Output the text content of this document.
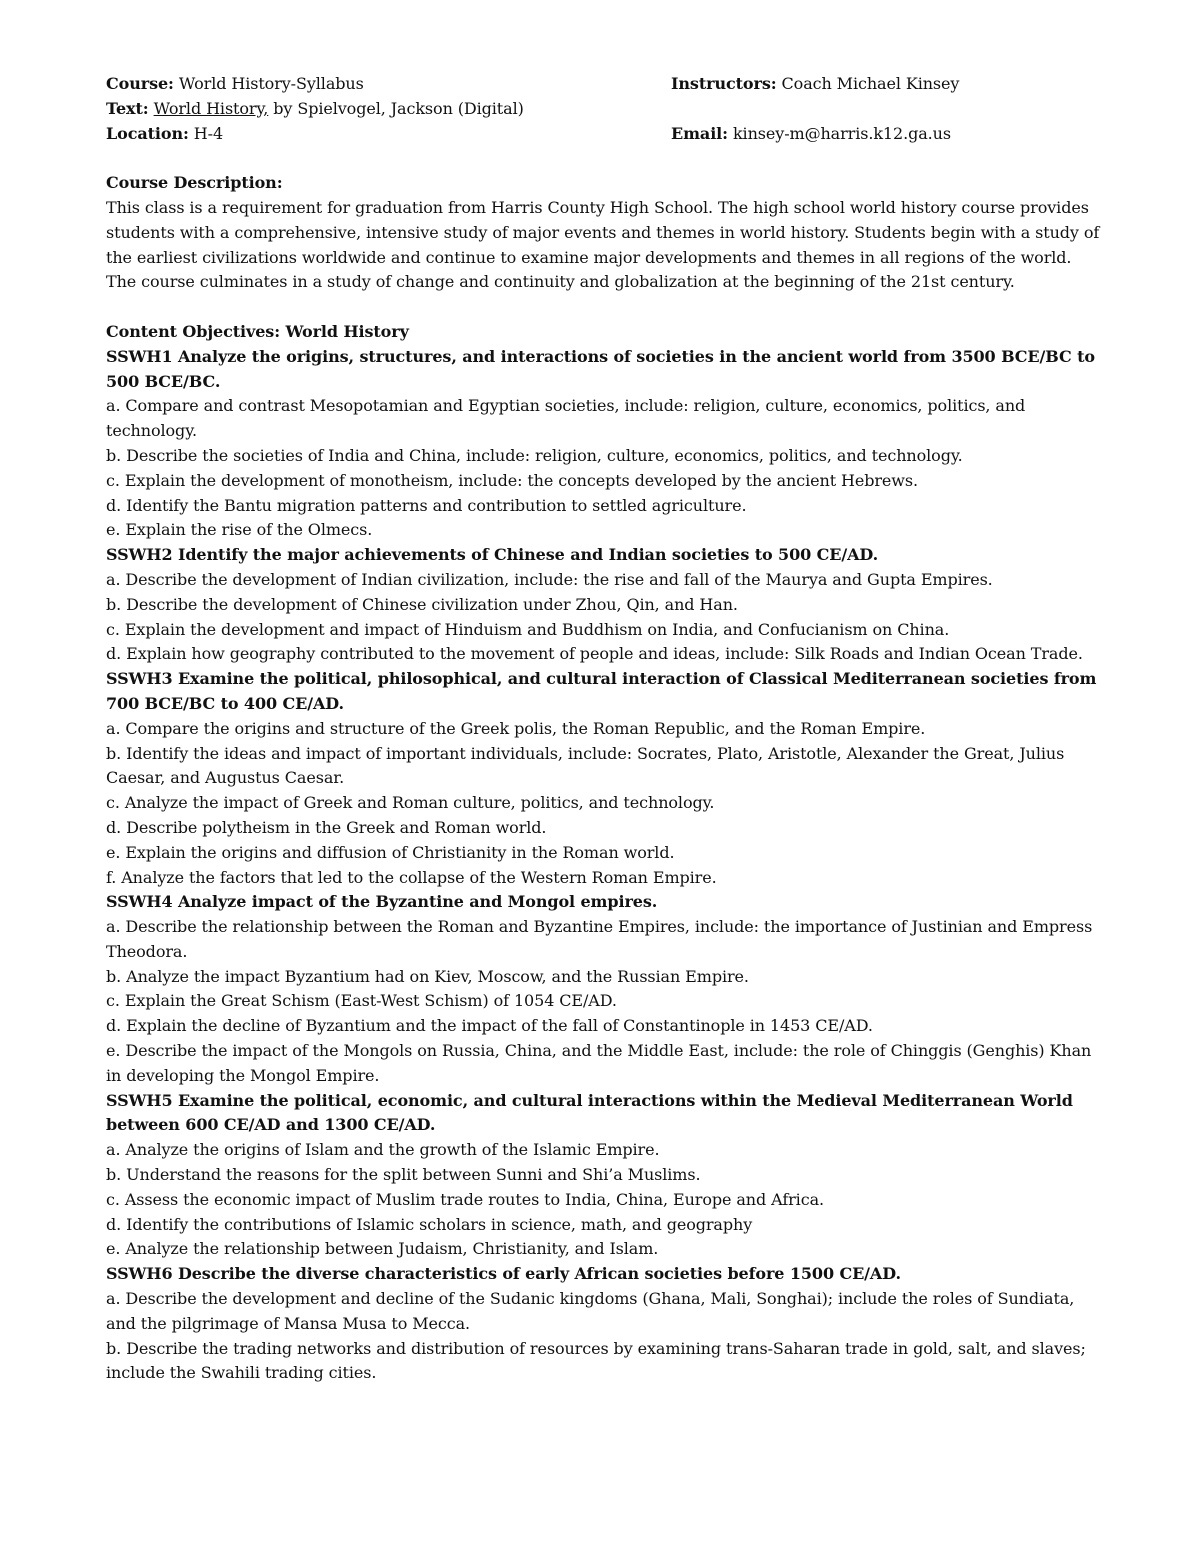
Course: World History-Syllabus	Instructors: Coach Michael Kinsey
Text: World History, by Spielvogel, Jackson (Digital)
Location: H-4	Email: kinsey-m@harris.k12.ga.us

Course Description:

This class is a requirement for graduation from Harris County High School. The high school world history course provides students with a comprehensive, intensive study of major events and themes in world history. Students begin with a study of the earliest civilizations worldwide and continue to examine major developments and themes in all regions of the world. The course culminates in a study of change and continuity and globalization at the beginning of the 21st century.

Content Objectives: World History

SSWH1 Analyze the origins, structures, and interactions of societies in the ancient world from 3500 BCE/BC to 500 BCE/BC.

a. Compare and contrast Mesopotamian and Egyptian societies, include: religion, culture, economics, politics, and technology.

b. Describe the societies of India and China, include: religion, culture, economics, politics, and technology.

c. Explain the development of monotheism, include: the concepts developed by the ancient Hebrews.

d. Identify the Bantu migration patterns and contribution to settled agriculture.

e. Explain the rise of the Olmecs.

SSWH2 Identify the major achievements of Chinese and Indian societies to 500 CE/AD.

a. Describe the development of Indian civilization, include: the rise and fall of the Maurya and Gupta Empires.

b. Describe the development of Chinese civilization under Zhou, Qin, and Han.

c. Explain the development and impact of Hinduism and Buddhism on India, and Confucianism on China.

d. Explain how geography contributed to the movement of people and ideas, include: Silk Roads and Indian Ocean Trade.

SSWH3 Examine the political, philosophical, and cultural interaction of Classical Mediterranean societies from 700 BCE/BC to 400 CE/AD.

a. Compare the origins and structure of the Greek polis, the Roman Republic, and the Roman Empire.

b. Identify the ideas and impact of important individuals, include: Socrates, Plato, Aristotle, Alexander the Great, Julius Caesar, and Augustus Caesar.

c. Analyze the impact of Greek and Roman culture, politics, and technology.

d. Describe polytheism in the Greek and Roman world.

e. Explain the origins and diffusion of Christianity in the Roman world.

f. Analyze the factors that led to the collapse of the Western Roman Empire.

SSWH4 Analyze impact of the Byzantine and Mongol empires.

a. Describe the relationship between the Roman and Byzantine Empires, include: the importance of Justinian and Empress Theodora.

b. Analyze the impact Byzantium had on Kiev, Moscow, and the Russian Empire.

c. Explain the Great Schism (East-West Schism) of 1054 CE/AD.

d. Explain the decline of Byzantium and the impact of the fall of Constantinople in 1453 CE/AD.

e. Describe the impact of the Mongols on Russia, China, and the Middle East, include: the role of Chinggis (Genghis) Khan in developing the Mongol Empire.

SSWH5 Examine the political, economic, and cultural interactions within the Medieval Mediterranean World between 600 CE/AD and 1300 CE/AD.

a. Analyze the origins of Islam and the growth of the Islamic Empire.

b. Understand the reasons for the split between Sunni and Shi’a Muslims.

c. Assess the economic impact of Muslim trade routes to India, China, Europe and Africa.

d. Identify the contributions of Islamic scholars in science, math, and geography

e. Analyze the relationship between Judaism, Christianity, and Islam.

SSWH6 Describe the diverse characteristics of early African societies before 1500 CE/AD.

a. Describe the development and decline of the Sudanic kingdoms (Ghana, Mali, Songhai); include the roles of Sundiata, and the pilgrimage of Mansa Musa to Mecca.

b. Describe the trading networks and distribution of resources by examining trans-Saharan trade in gold, salt, and slaves; include the Swahili trading cities.
